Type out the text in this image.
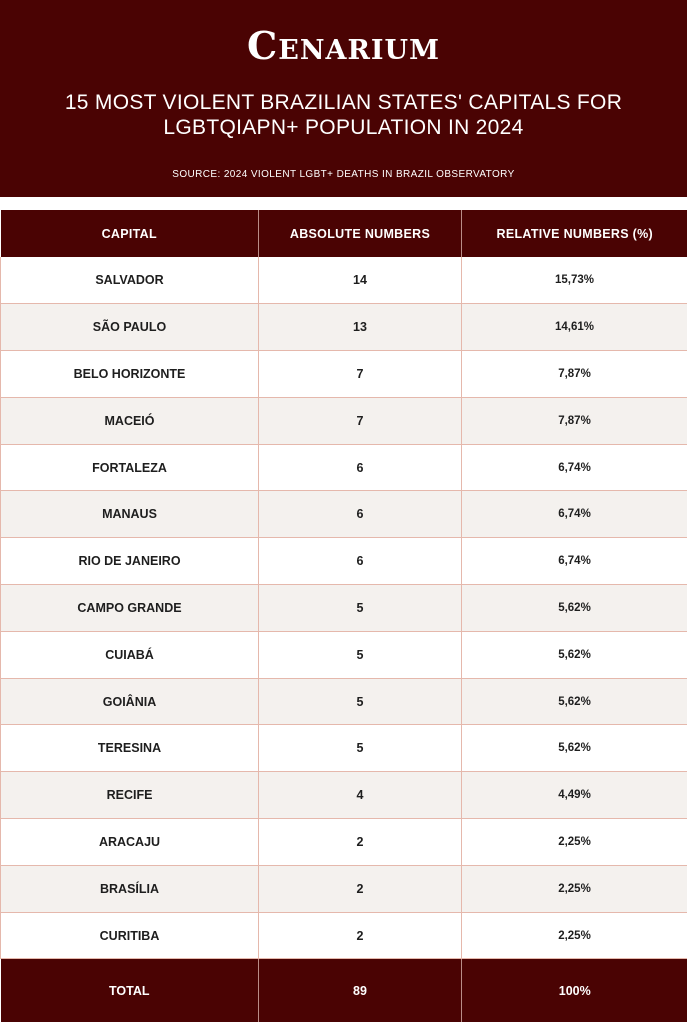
Cenarium
15 MOST VIOLENT BRAZILIAN STATES' CAPITALS FOR LGBTQIAPN+ POPULATION IN 2024
SOURCE: 2024 VIOLENT LGBT+ DEATHS IN BRAZIL OBSERVATORY
CAPITAL	ABSOLUTE NUMBERS	RELATIVE NUMBERS (%)
SALVADOR	14	15,73%
SÃO PAULO	13	14,61%
BELO HORIZONTE	7	7,87%
MACEIÓ	7	7,87%
FORTALEZA	6	6,74%
MANAUS	6	6,74%
RIO DE JANEIRO	6	6,74%
CAMPO GRANDE	5	5,62%
CUIABÁ	5	5,62%
GOIÂNIA	5	5,62%
TERESINA	5	5,62%
RECIFE	4	4,49%
ARACAJU	2	2,25%
BRASÍLIA	2	2,25%
CURITIBA	2	2,25%
TOTAL	89	100%
